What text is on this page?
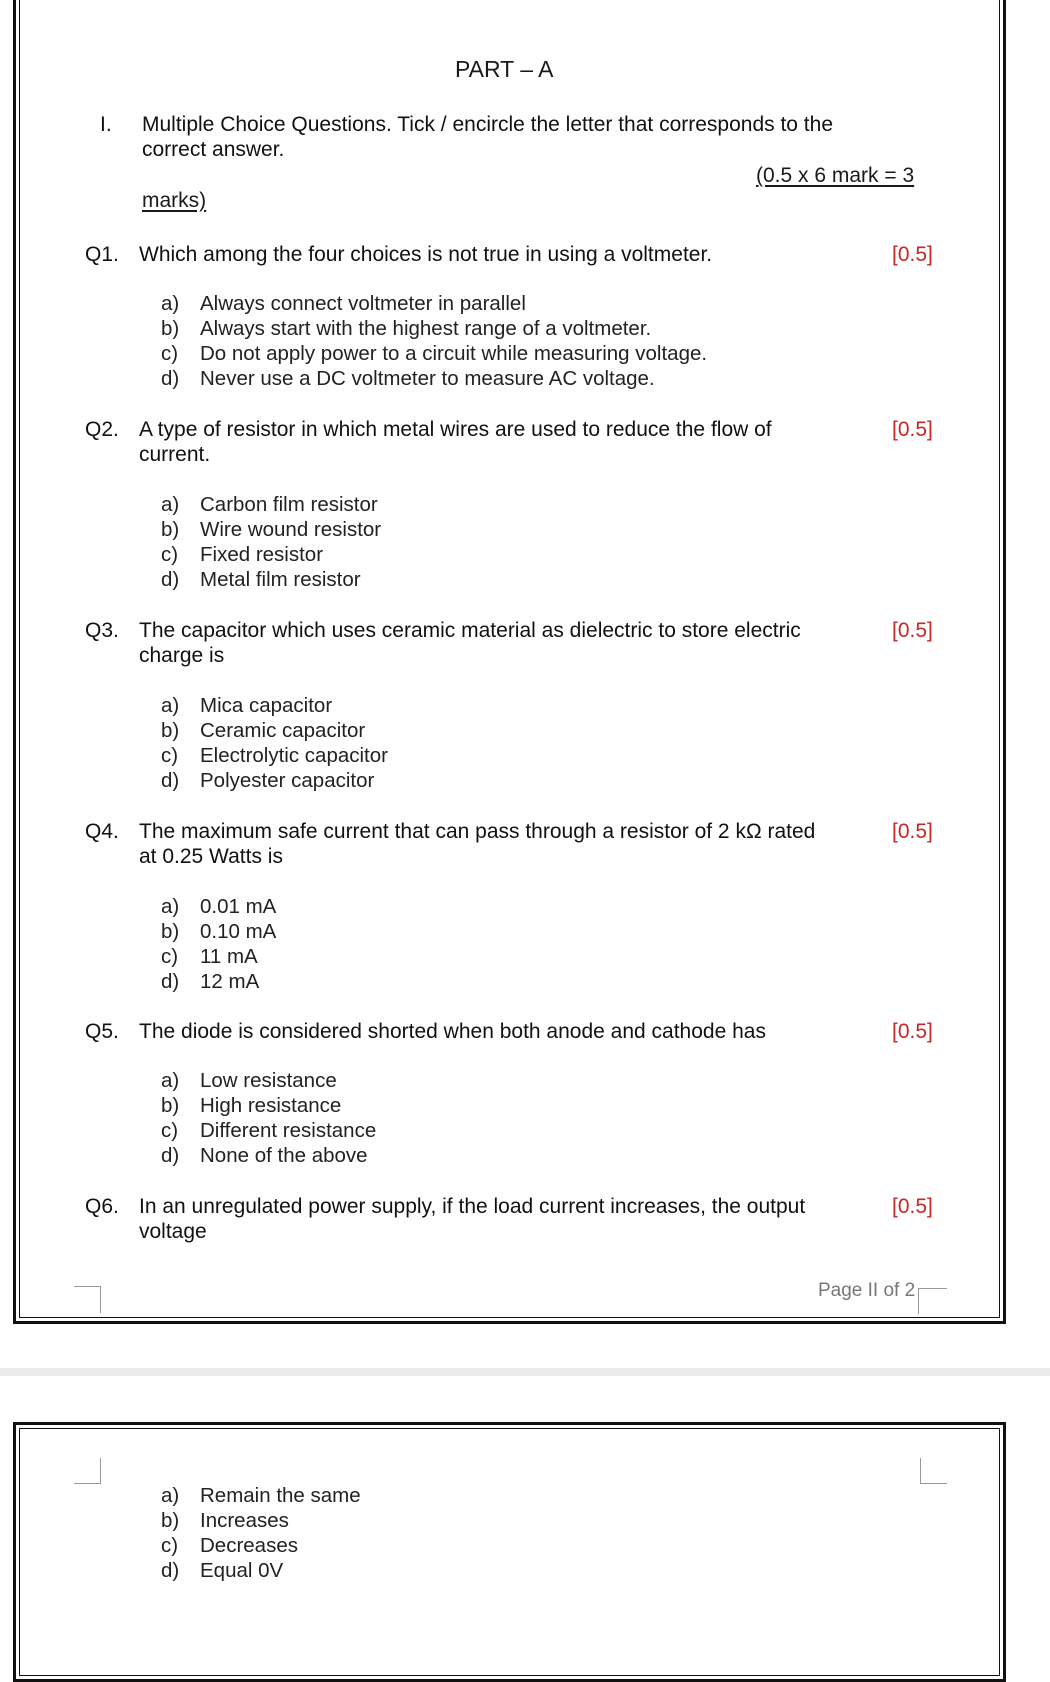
PART – A
I. Multiple Choice Questions. Tick / encircle the letter that corresponds to the
correct answer.
(0.5 x 6 mark = 3
marks)
Q1. Which among the four choices is not true in using a voltmeter.	[0.5]
a) Always connect voltmeter in parallel
b) Always start with the highest range of a voltmeter.
c) Do not apply power to a circuit while measuring voltage.
d) Never use a DC voltmeter to measure AC voltage.
Q2. A type of resistor in which metal wires are used to reduce the flow of
current.
[0.5]
a) Carbon film resistor
b) Wire wound resistor
c) Fixed resistor
d) Metal film resistor
Q3. The capacitor which uses ceramic material as dielectric to store electric
charge is
[0.5]
a) Mica capacitor
b) Ceramic capacitor
c) Electrolytic capacitor
d) Polyester capacitor
Q4. The maximum safe current that can pass through a resistor of 2 kΩ rated
at 0.25 Watts is
[0.5]
a) 0.01 mA
b) 0.10 mA
c) 11 mA
d) 12 mA
Q5. The diode is considered shorted when both anode and cathode has	[0.5]
a) Low resistance
b) High resistance
c) Different resistance
d) None of the above
Q6. In an unregulated power supply, if the load current increases, the output
voltage
[0.5]
Page II of 2
a) Remain the same
b) Increases
c) Decreases
d) Equal 0V
